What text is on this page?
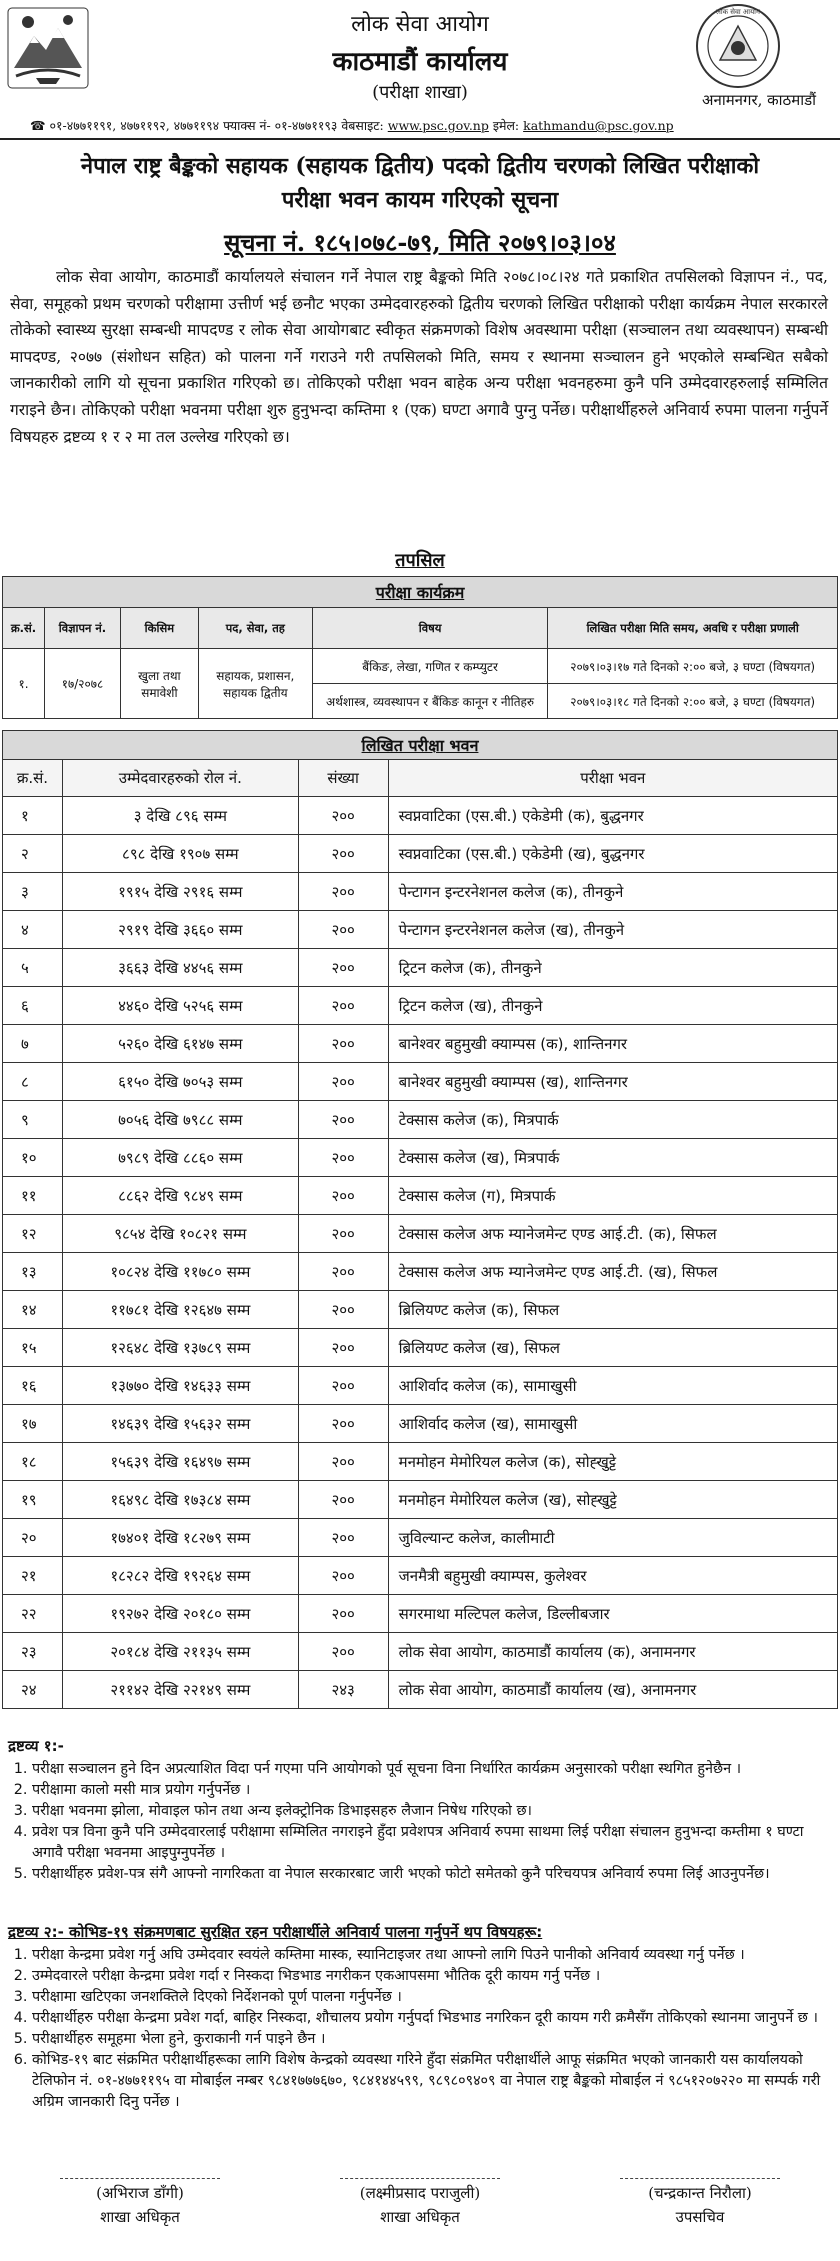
लोक सेवा आयोग
काठमाडौं कार्यालय
(परीक्षा शाखा)
लोक सेवा आयोग
अनामनगर, काठमाडौं
☎ ०१-४७७११९१, ४७७११९२, ४७७११९४ फ्याक्स नं- ०१-४७७११९३ वेबसाइट: www.psc.gov.np इमेल: kathmandu@psc.gov.np
नेपाल राष्ट्र बैङ्कको सहायक (सहायक द्वितीय) पदको द्वितीय चरणको लिखित परीक्षाको
परीक्षा भवन कायम गरिएको सूचना
सूचना नं. १८५।०७८-७९, मिति २०७९।०३।०४
लोक सेवा आयोग, काठमाडौं कार्यालयले संचालन गर्ने नेपाल राष्ट्र बैङ्कको मिति २०७८।०८।२४ गते प्रकाशित तपसिलको विज्ञापन नं., पद, सेवा, समूहको प्रथम चरणको परीक्षामा उत्तीर्ण भई छनौट भएका उम्मेदवारहरुको द्वितीय चरणको लिखित परीक्षाको परीक्षा कार्यक्रम नेपाल सरकारले तोकेको स्वास्थ्य सुरक्षा सम्बन्धी मापदण्ड र लोक सेवा आयोगबाट स्वीकृत संक्रमणको विशेष अवस्थामा परीक्षा (सञ्चालन तथा व्यवस्थापन) सम्बन्धी मापदण्ड, २०७७ (संशोधन सहित) को पालना गर्ने गराउने गरी तपसिलको मिति, समय र स्थानमा सञ्चालन हुने भएकोले सम्बन्धित सबैको जानकारीको लागि यो सूचना प्रकाशित गरिएको छ। तोकिएको परीक्षा भवन बाहेक अन्य परीक्षा भवनहरुमा कुनै पनि उम्मेदवारहरुलाई सम्मिलित गराइने छैन। तोकिएको परीक्षा भवनमा परीक्षा शुरु हुनुभन्दा कम्तिमा १ (एक) घण्टा अगावै पुग्नु पर्नेछ। परीक्षार्थीहरुले अनिवार्य रुपमा पालना गर्नुपर्ने विषयहरु द्रष्टव्य १ र २ मा तल उल्लेख गरिएको छ।
तपसिल
परीक्षा कार्यक्रम					
क्र.सं.	विज्ञापन नं.	किसिम	पद, सेवा, तह	विषय	लिखित परीक्षा मिति समय, अवधि र परीक्षा प्रणाली
१.	१७/२०७८	खुला तथा समावेशी	सहायक, प्रशासन, सहायक द्वितीय	बैंकिङ, लेखा, गणित र कम्प्युटर	२०७९।०३।१७ गते दिनको २:०० बजे, ३ घण्टा (विषयगत)
				अर्थशास्त्र, व्यवस्थापन र बैंकिङ कानून र नीतिहरु	२०७९।०३।१८ गते दिनको २:०० बजे, ३ घण्टा (विषयगत)
लिखित परीक्षा भवन			
क्र.सं.	उम्मेदवारहरुको रोल नं.	संख्या	परीक्षा भवन
१	३ देखि ८९६ सम्म	२००	स्वप्नवाटिका (एस.बी.) एकेडेमी (क), बुद्धनगर
२	८९८ देखि १९०७ सम्म	२००	स्वप्नवाटिका (एस.बी.) एकेडेमी (ख), बुद्धनगर
३	१९१५ देखि २९१६ सम्म	२००	पेन्टागन इन्टरनेशनल कलेज (क), तीनकुने
४	२९१९ देखि ३६६० सम्म	२००	पेन्टागन इन्टरनेशनल कलेज (ख), तीनकुने
५	३६६३ देखि ४४५६ सम्म	२००	ट्रिटन कलेज (क), तीनकुने
६	४४६० देखि ५२५६ सम्म	२००	ट्रिटन कलेज (ख), तीनकुने
७	५२६० देखि ६१४७ सम्म	२००	बानेश्वर बहुमुखी क्याम्पस (क), शान्तिनगर
८	६१५० देखि ७०५३ सम्म	२००	बानेश्वर बहुमुखी क्याम्पस (ख), शान्तिनगर
९	७०५६ देखि ७९८८ सम्म	२००	टेक्सास कलेज (क), मित्रपार्क
१०	७९८९ देखि ८८६० सम्म	२००	टेक्सास कलेज (ख), मित्रपार्क
११	८८६२ देखि ९८४९ सम्म	२००	टेक्सास कलेज (ग), मित्रपार्क
१२	९८५४ देखि १०८२१ सम्म	२००	टेक्सास कलेज अफ म्यानेजमेन्ट एण्ड आई.टी. (क), सिफल
१३	१०८२४ देखि ११७८० सम्म	२००	टेक्सास कलेज अफ म्यानेजमेन्ट एण्ड आई.टी. (ख), सिफल
१४	११७८१ देखि १२६४७ सम्म	२००	ब्रिलियण्ट कलेज (क), सिफल
१५	१२६४८ देखि १३७८९ सम्म	२००	ब्रिलियण्ट कलेज (ख), सिफल
१६	१३७७० देखि १४६३३ सम्म	२००	आशिर्वाद कलेज (क), सामाखुसी
१७	१४६३९ देखि १५६३२ सम्म	२००	आशिर्वाद कलेज (ख), सामाखुसी
१८	१५६३९ देखि १६४९७ सम्म	२००	मनमोहन मेमोरियल कलेज (क), सोह्खुट्टे
१९	१६४९८ देखि १७३८४ सम्म	२००	मनमोहन मेमोरियल कलेज (ख), सोह्खुट्टे
२०	१७४०१ देखि १८२७९ सम्म	२००	जुविल्यान्ट कलेज, कालीमाटी
२१	१८२८२ देखि १९२६४ सम्म	२००	जनमैत्री बहुमुखी क्याम्पस, कुलेश्वर
२२	१९२७२ देखि २०१८० सम्म	२००	सगरमाथा मल्टिपल कलेज, डिल्लीबजार
२३	२०१८४ देखि २११३५ सम्म	२००	लोक सेवा आयोग, काठमाडौं कार्यालय (क), अनामनगर
२४	२११४२ देखि २२१४९ सम्म	२४३	लोक सेवा आयोग, काठमाडौं कार्यालय (ख), अनामनगर
द्रष्टव्य १:-
1. परीक्षा सञ्चालन हुने दिन अप्रत्याशित विदा पर्न गएमा पनि आयोगको पूर्व सूचना विना निर्धारित कार्यक्रम अनुसारको परीक्षा स्थगित हुनेछैन ।
2. परीक्षामा कालो मसी मात्र प्रयोग गर्नुपर्नेछ ।
3. परीक्षा भवनमा झोला, मोवाइल फोन तथा अन्य इलेक्ट्रोनिक डिभाइसहरु लैजान निषेध गरिएको छ।
4. प्रवेश पत्र विना कुनै पनि उम्मेदवारलाई परीक्षामा सम्मिलित नगराइने हुँदा प्रवेशपत्र अनिवार्य रुपमा साथमा लिई परीक्षा संचालन हुनुभन्दा कम्तीमा १ घण्टा अगावै परीक्षा भवनमा आइपुग्नुपर्नेछ ।
5. परीक्षार्थीहरु प्रवेश-पत्र संगै आफ्नो नागरिकता वा नेपाल सरकारबाट जारी भएको फोटो समेतको कुनै परिचयपत्र अनिवार्य रुपमा लिई आउनुपर्नेछ।
द्रष्टव्य २:- कोभिड-१९ संक्रमणबाट सुरक्षित रहन परीक्षार्थीले अनिवार्य पालना गर्नुपर्ने थप विषयहरू:
1. परीक्षा केन्द्रमा प्रवेश गर्नु अघि उम्मेदवार स्वयंले कम्तिमा मास्क, स्यानिटाइजर तथा आफ्नो लागि पिउने पानीको अनिवार्य व्यवस्था गर्नु पर्नेछ ।
2. उम्मेदवारले परीक्षा केन्द्रमा प्रवेश गर्दा र निस्कदा भिडभाड नगरीकन एकआपसमा भौतिक दूरी कायम गर्नु पर्नेछ ।
3. परीक्षामा खटिएका जनशक्तिले दिएको निर्देशनको पूर्ण पालना गर्नुपर्नेछ ।
4. परीक्षार्थीहरु परीक्षा केन्द्रमा प्रवेश गर्दा, बाहिर निस्कदा, शौचालय प्रयोग गर्नुपर्दा भिडभाड नगरिकन दूरी कायम गरी क्रमैसँग तोकिएको स्थानमा जानुपर्ने छ ।
5. परीक्षार्थीहरु समूहमा भेला हुने, कुराकानी गर्न पाइने छैन ।
6. कोभिड-१९ बाट संक्रमित परीक्षार्थीहरूका लागि विशेष केन्द्रको व्यवस्था गरिने हुँदा संक्रमित परीक्षार्थीले आफू संक्रमित भएको जानकारी यस कार्यालयको टेलिफोन नं. ०१-४७७११९५ वा मोबाईल नम्बर ९८४१७७७६७०, ९८४१४४५९९, ९८९८०९४०९ वा नेपाल राष्ट्र बैङ्कको मोबाईल नं ९८५१२०७२२० मा सम्पर्क गरी अग्रिम जानकारी दिनु पर्नेछ ।
(अभिराज डाँगी)
शाखा अधिकृत
(लक्ष्मीप्रसाद पराजुली)
शाखा अधिकृत
(चन्द्रकान्त निरौला)
उपसचिव
